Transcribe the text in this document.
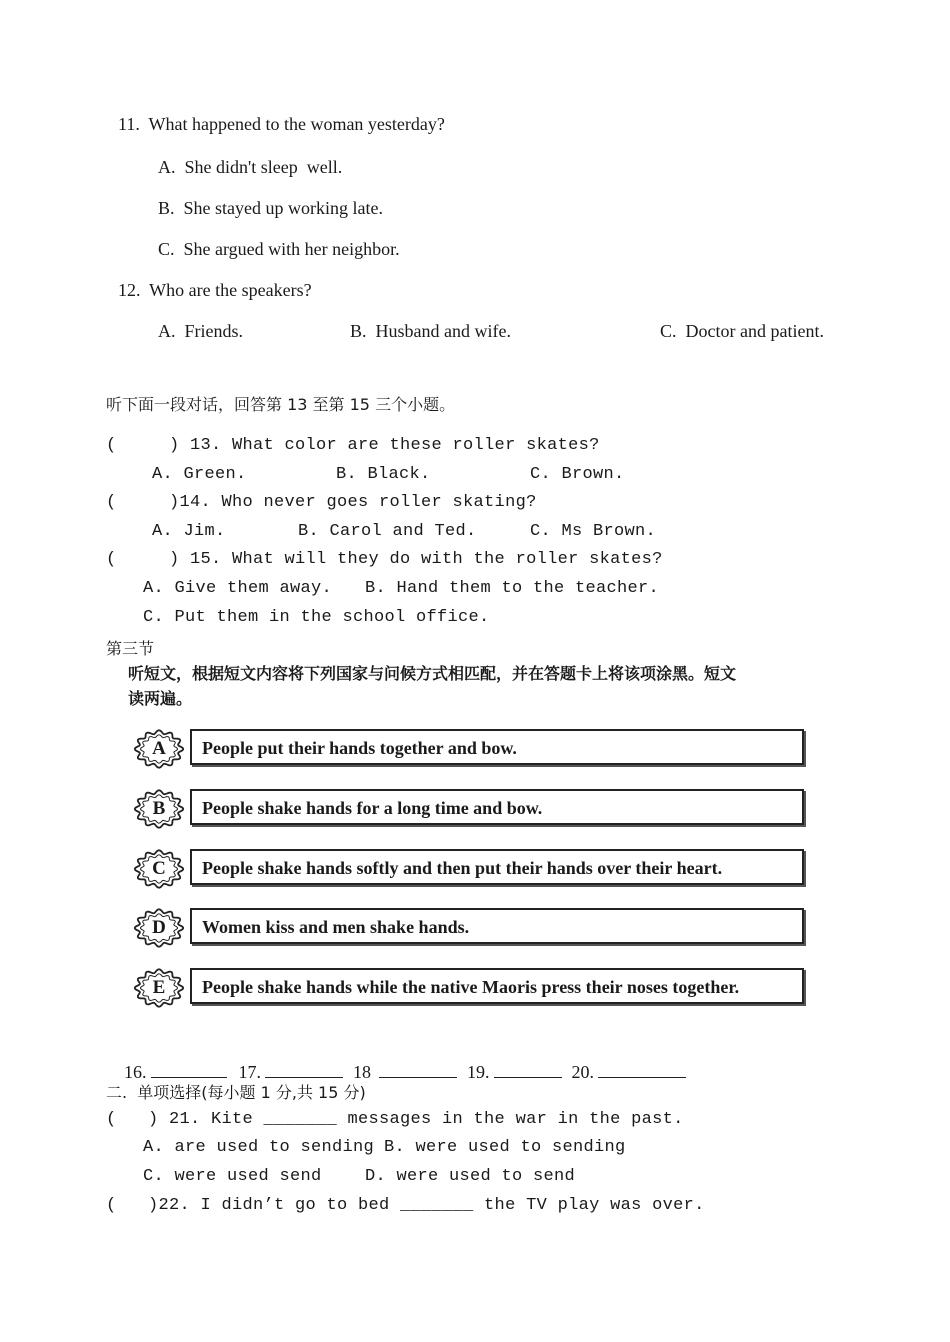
11.  What happened to the woman yesterday?
A.  She didn't sleep  well.
B.  She stayed up working late.
C.  She argued with her neighbor.
12.  Who are the speakers?
A.  Friends.	B.  Husband and wife.	C.  Doctor and patient.
听下面一段对话，回答第 13 至第 15 三个小题。
(     ) 13. What color are these roller skates?
A. Green.	B. Black.	C. Brown.
(     )14. Who never goes roller skating?
A. Jim.	B. Carol and Ted.	C. Ms Brown.
(     ) 15. What will they do with the roller skates?
A. Give them away. B. Hand them to the teacher.
C. Put them in the school office.
第三节
听短文，根据短文内容将下列国家与问候方式相匹配，并在答题卡上将该项涂黑。短文
读两遍。
A	People put their hands together and bow.
B	People shake hands for a long time and bow.
C	People shake hands softly and then put their hands over their heart.
D	Women kiss and men shake hands.
E	People shake hands while the native Maoris press their noses together.

16.	17.	18	19.	20.

二.  单项选择(每小题 1 分,共 15 分)
(   ) 21. Kite _______ messages in the war in the past.
A. are used to sending B. were used to sending
C. were used send	D. were used to send
(   )22. I didn’t go to bed _______ the TV play was over.
